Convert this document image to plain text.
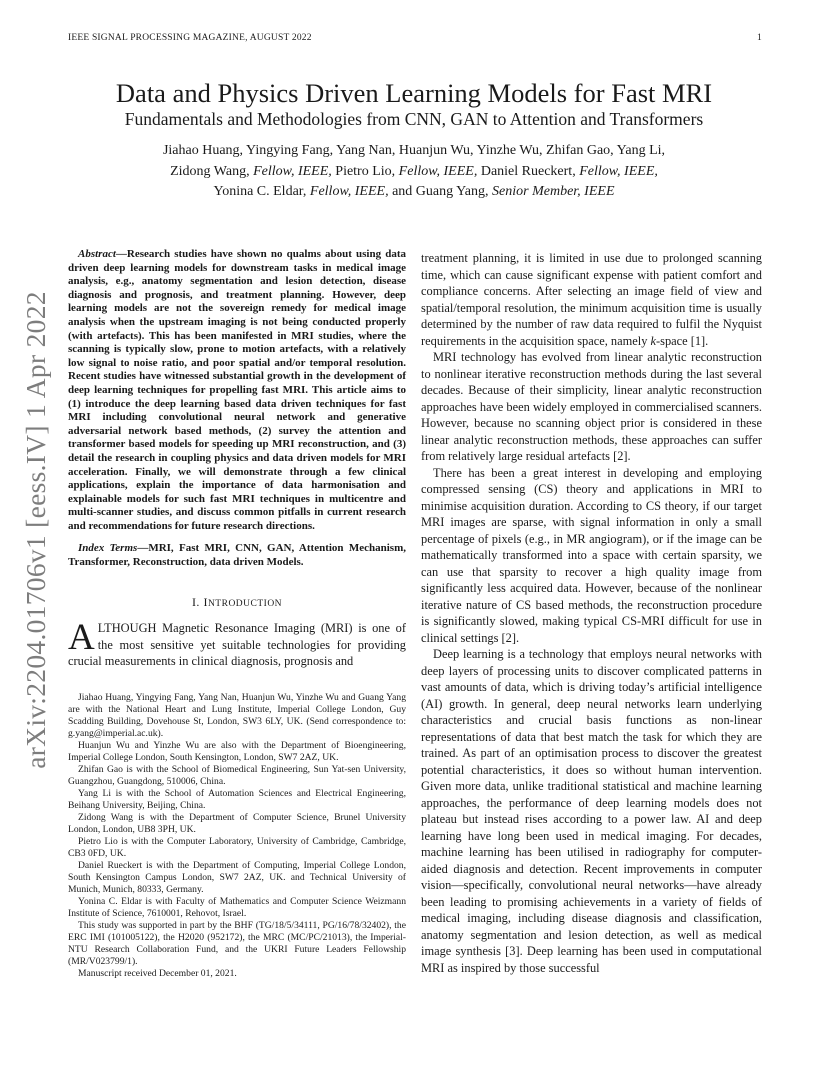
IEEE SIGNAL PROCESSING MAGAZINE, AUGUST 2022	1
arXiv:2204.01706v1 [eess.IV] 1 Apr 2022
Data and Physics Driven Learning Models for Fast MRI
Fundamentals and Methodologies from CNN, GAN to Attention and Transformers
Jiahao Huang, Yingying Fang, Yang Nan, Huanjun Wu, Yinzhe Wu, Zhifan Gao, Yang Li,
Zidong Wang, Fellow, IEEE, Pietro Lio, Fellow, IEEE, Daniel Rueckert, Fellow, IEEE,
Yonina C. Eldar, Fellow, IEEE, and Guang Yang, Senior Member, IEEE

Abstract—Research studies have shown no qualms about using data driven deep learning models for downstream tasks in medical image analysis, e.g., anatomy segmentation and lesion detection, disease diagnosis and prognosis, and treatment planning. However, deep learning models are not the sovereign remedy for medical image analysis when the upstream imaging is not being conducted properly (with artefacts). This has been manifested in MRI studies, where the scanning is typically slow, prone to motion artefacts, with a relatively low signal to noise ratio, and poor spatial and/or temporal resolution. Recent studies have witnessed substantial growth in the development of deep learning techniques for propelling fast MRI. This article aims to (1) introduce the deep learning based data driven techniques for fast MRI including convolutional neural network and generative adversarial network based methods, (2) survey the attention and transformer based models for speeding up MRI reconstruction, and (3) detail the research in coupling physics and data driven models for MRI acceleration. Finally, we will demonstrate through a few clinical applications, explain the importance of data harmonisation and explainable models for such fast MRI techniques in multicentre and multi-scanner studies, and discuss common pitfalls in current research and recommendations for future research directions.

Index Terms—MRI, Fast MRI, CNN, GAN, Attention Mechanism, Transformer, Reconstruction, data driven Models.

I. INTRODUCTION

ALTHOUGH Magnetic Resonance Imaging (MRI) is one of the most sensitive yet suitable technologies for providing crucial measurements in clinical diagnosis, prognosis and

Jiahao Huang, Yingying Fang, Yang Nan, Huanjun Wu, Yinzhe Wu and Guang Yang are with the National Heart and Lung Institute, Imperial College London, Guy Scadding Building, Dovehouse St, London, SW3 6LY, UK. (Send correspondence to: g.yang@imperial.ac.uk).

Huanjun Wu and Yinzhe Wu are also with the Department of Bioengineering, Imperial College London, South Kensington, London, SW7 2AZ, UK.

Zhifan Gao is with the School of Biomedical Engineering, Sun Yat-sen University, Guangzhou, Guangdong, 510006, China.

Yang Li is with the School of Automation Sciences and Electrical Engineering, Beihang University, Beijing, China.

Zidong Wang is with the Department of Computer Science, Brunel University London, London, UB8 3PH, UK.

Pietro Lio is with the Computer Laboratory, University of Cambridge, Cambridge, CB3 0FD, UK.

Daniel Rueckert is with the Department of Computing, Imperial College London, South Kensington Campus London, SW7 2AZ, UK. and Technical University of Munich, Munich, 80333, Germany.

Yonina C. Eldar is with Faculty of Mathematics and Computer Science Weizmann Institute of Science, 7610001, Rehovot, Israel.

This study was supported in part by the BHF (TG/18/5/34111, PG/16/78/32402), the ERC IMI (101005122), the H2020 (952172), the MRC (MC/PC/21013), the Imperial-NTU Research Collaboration Fund, and the UKRI Future Leaders Fellowship (MR/V023799/1).

Manuscript received December 01, 2021.

treatment planning, it is limited in use due to prolonged scanning time, which can cause significant expense with patient comfort and compliance concerns. After selecting an image field of view and spatial/temporal resolution, the minimum acquisition time is usually determined by the number of raw data required to fulfil the Nyquist requirements in the acquisition space, namely k-space [1].

MRI technology has evolved from linear analytic reconstruction to nonlinear iterative reconstruction methods during the last several decades. Because of their simplicity, linear analytic reconstruction approaches have been widely employed in commercialised scanners. However, because no scanning object prior is considered in these linear analytic reconstruction methods, these approaches can suffer from relatively large residual artefacts [2].

There has been a great interest in developing and employing compressed sensing (CS) theory and applications in MRI to minimise acquisition duration. According to CS theory, if our target MRI images are sparse, with signal information in only a small percentage of pixels (e.g., in MR angiogram), or if the image can be mathematically transformed into a space with certain sparsity, we can use that sparsity to recover a high quality image from significantly less acquired data. However, because of the nonlinear iterative nature of CS based methods, the reconstruction procedure is significantly slowed, making typical CS-MRI difficult for use in clinical settings [2].

Deep learning is a technology that employs neural networks with deep layers of processing units to discover complicated patterns in vast amounts of data, which is driving today’s artificial intelligence (AI) growth. In general, deep neural networks learn underlying characteristics and crucial basis functions as non-linear representations of data that best match the task for which they are trained. As part of an optimisation process to discover the greatest potential characteristics, it does so without human intervention. Given more data, unlike traditional statistical and machine learning approaches, the performance of deep learning models does not plateau but instead rises according to a power law. AI and deep learning have long been used in medical imaging. For decades, machine learning has been utilised in radiography for computer-aided diagnosis and detection. Recent improvements in computer vision—specifically, convolutional neural networks—have already been leading to promising achievements in a variety of fields of medical imaging, including disease diagnosis and classification, anatomy segmentation and lesion detection, as well as medical image synthesis [3]. Deep learning has been used in computational MRI as inspired by those successful
